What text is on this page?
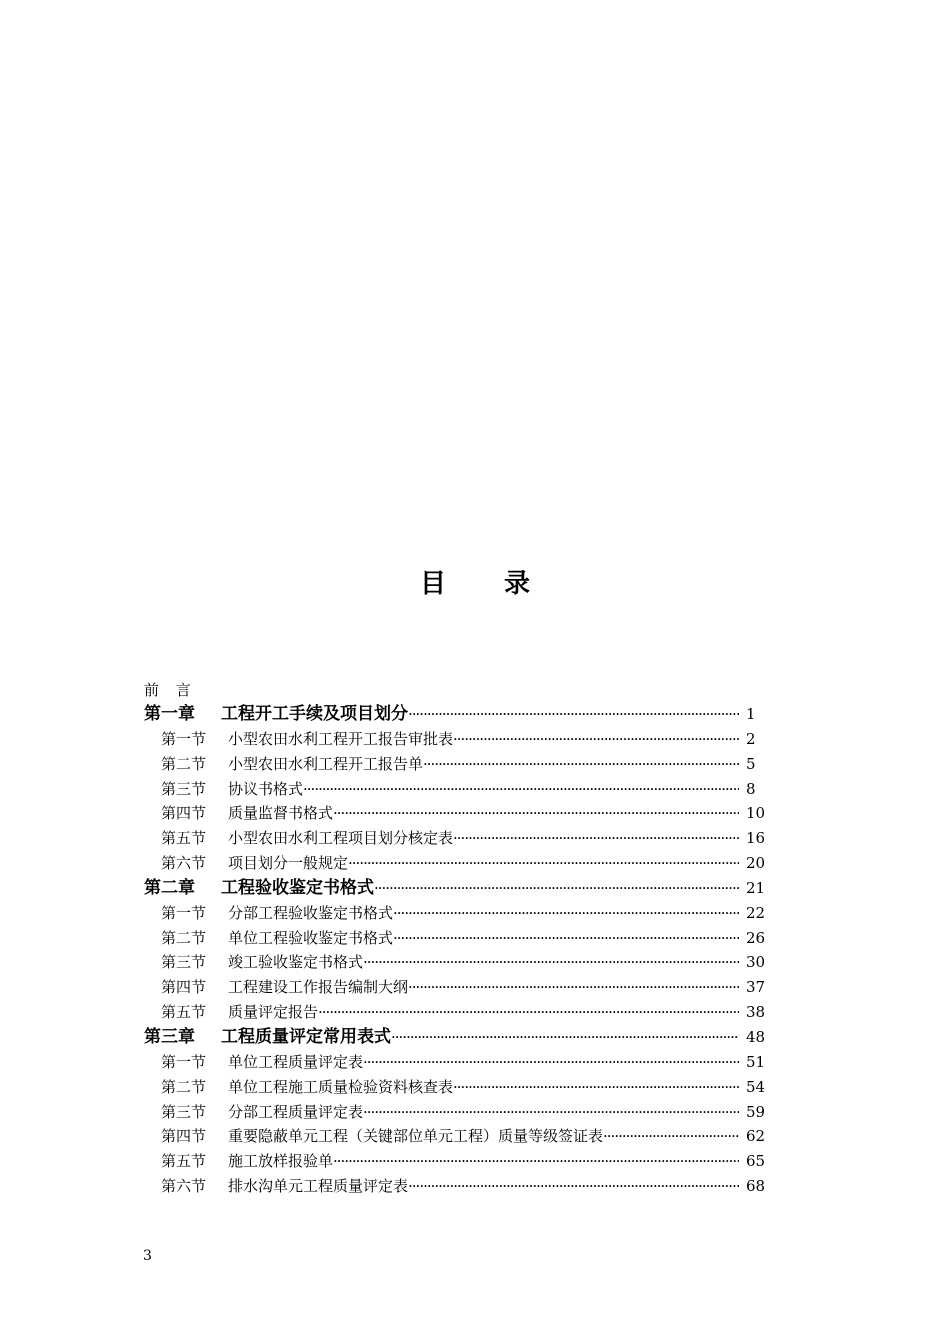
目 录
前 言
第一章	工程开工手续及项目划分 ·····	1
第一节	小型农田水利工程开工报告审批表 ·····	2
第二节	小型农田水利工程开工报告单 ·····	5
第三节	协议书格式 ·····	8
第四节	质量监督书格式 ·····	10
第五节	小型农田水利工程项目划分核定表 ·····	16
第六节	项目划分一般规定 ·····	20
第二章	工程验收鉴定书格式 ·····	21
第一节	分部工程验收鉴定书格式 ·····	22
第二节	单位工程验收鉴定书格式 ·····	26
第三节	竣工验收鉴定书格式 ·····	30
第四节	工程建设工作报告编制大纲 ·····	37
第五节	质量评定报告 ·····	38
第三章	工程质量评定常用表式 ·····	48
第一节	单位工程质量评定表 ·····	51
第二节	单位工程施工质量检验资料核查表 ·····	54
第三节	分部工程质量评定表 ·····	59
第四节	重要隐蔽单元工程（关键部位单元工程）质量等级签证表 ·····	62
第五节	施工放样报验单 ·····	65
第六节	排水沟单元工程质量评定表 ·····	68
3
